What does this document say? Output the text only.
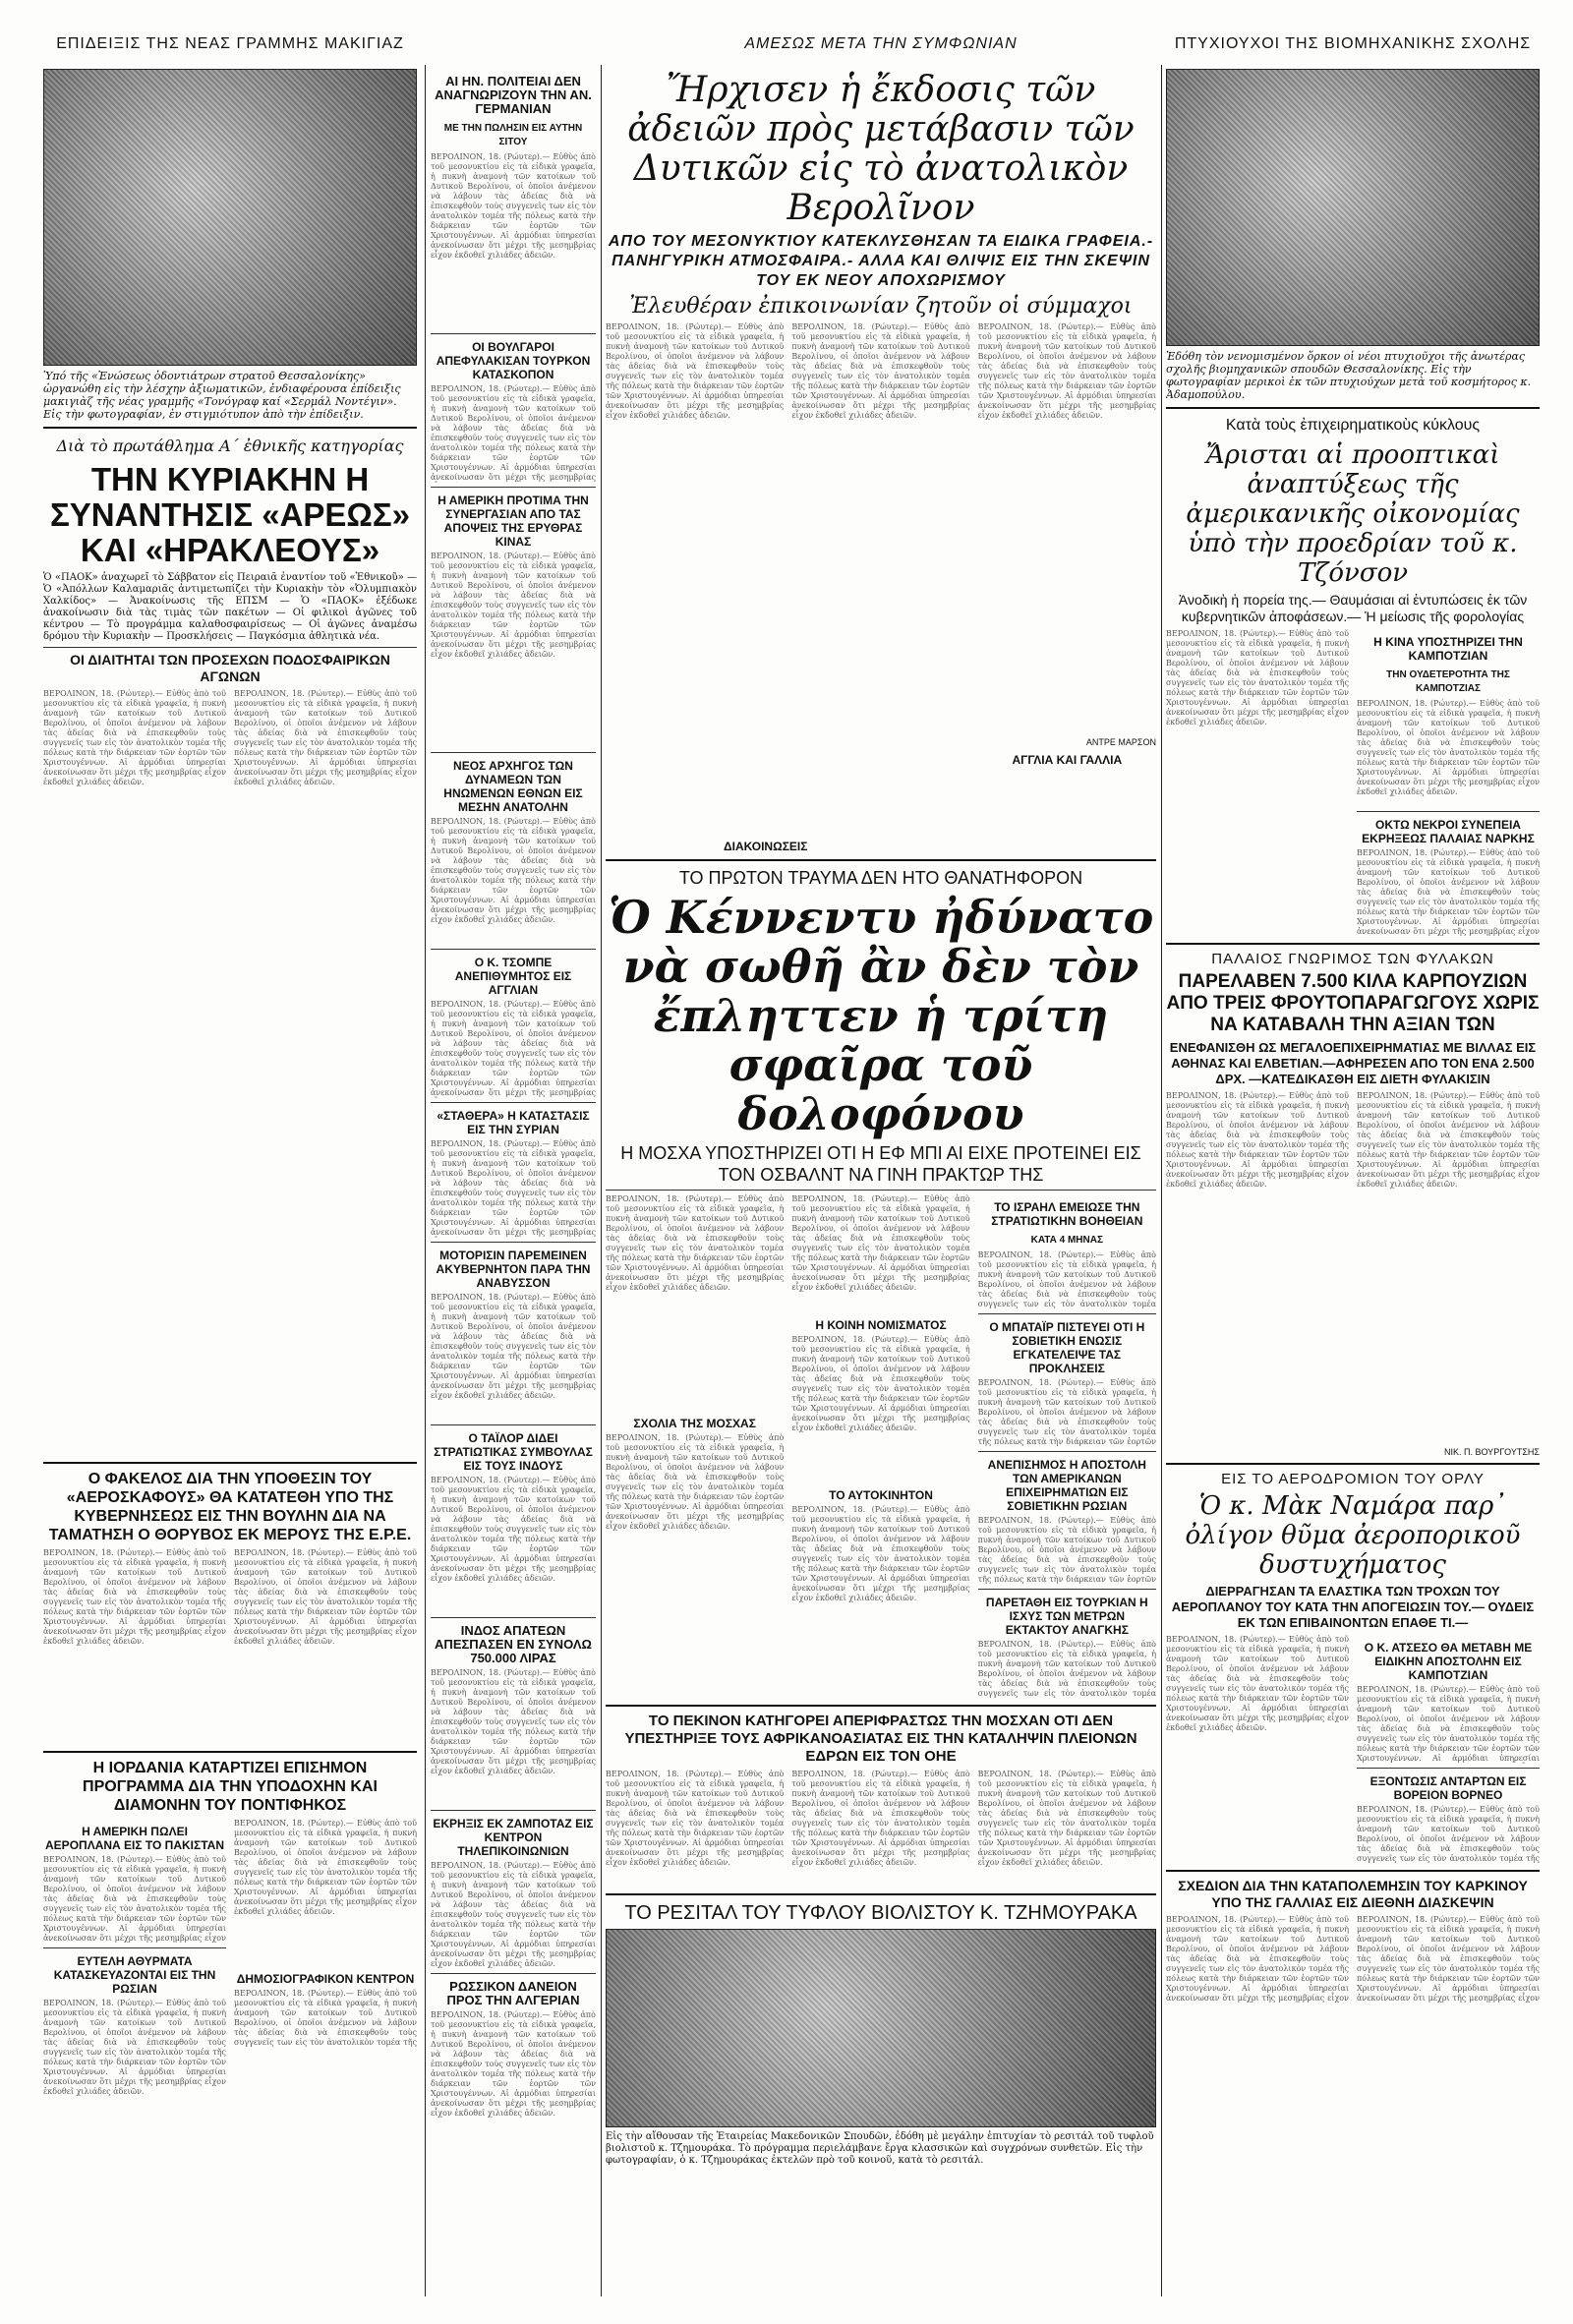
ΕΠΙΔΕΙΞΙΣ ΤΗΣ ΝΕΑΣ ΓΡΑΜΜΗΣ ΜΑΚΙΓΙΑΖ	ΑΜΕΣΩΣ ΜΕΤΑ ΤΗΝ ΣΥΜΦΩΝΙΑΝ	ΠΤΥΧΙΟΥΧΟΙ ΤΗΣ ΒΙΟΜΗΧΑΝΙΚΗΣ ΣΧΟΛΗΣ
Ὑπό τῆς «Ἑνώσεως ὁδοντιάτρων στρατοῦ Θεσσαλονίκης» ὠργανώθη εἰς τὴν λέσχην ἀξιωματικῶν, ἐνδιαφέρουσα ἐπίδειξις μακιγιὰζ τῆς νέας γραμμῆς «Τονόγραφ καί «Σερμάλ Νοντέγιν». Εἰς τὴν φωτογραφίαν, ἐν στιγμιότυπον ἀπὸ τὴν ἐπίδειξιν.
Διὰ τὸ πρωτάθλημα Α΄ ἐθνικῆς κατηγορίας
ΤΗΝ ΚΥΡΙΑΚΗΝ Η ΣΥΝΑΝΤΗΣΙΣ «ΑΡΕΩΣ» ΚΑΙ «ΗΡΑΚΛΕΟΥΣ»
Ὁ «ΠΑΟΚ» ἀναχωρεῖ τὸ Σάββατον εἰς Πειραιᾶ ἐναντίον τοῦ «Ἐθνικοῦ» — Ὁ «Ἀπόλλων Καλαμαριᾶς ἀντιμετωπίζει τὴν Κυριακὴν τὸν «Ὀλυμπιακὸν Χαλκίδος» — Ἀνακοίνωσις τῆς ΕΠΣΜ — Ὁ «ΠΑΟΚ» ἐξέδωκε ἀνακοίνωσιν διὰ τὰς τιμὰς τῶν πακέτων — Οἱ φιλικοὶ ἀγῶνες τοῦ κέντρου — Τὸ προγράμμα καλαθοσφαιρίσεως — Οἱ ἀγῶνες ἀναμέσω δρόμου τὴν Κυριακὴν — Προσκλήσεις — Παγκόσμια ἀθλητικὰ νέα.
ΟΙ ΔΙΑΙΤΗΤΑΙ ΤΩΝ ΠΡΟΣΕΧΩΝ ΠΟΔΟΣΦΑΙΡΙΚΩΝ ΑΓΩΝΩΝ
ΒΕΡΟΛΙΝΟΝ, 18. (Ρώυτερ).— Εὐθὺς ἀπὸ τοῦ μεσονυκτίου εἰς τὰ εἰδικὰ γραφεῖα, ἡ πυκνὴ ἀναμονὴ τῶν κατοίκων τοῦ Δυτικοῦ Βερολίνου, οἱ ὁποῖοι ἀνέμενον νὰ λάβουν τὰς ἀδείας διὰ νὰ ἐπισκεφθοῦν τοὺς συγγενεῖς των εἰς τὸν ἀνατολικὸν τομέα τῆς πόλεως κατὰ τὴν διάρκειαν τῶν ἑορτῶν τῶν Χριστουγέννων. Αἱ ἀρμόδιαι ὑπηρεσίαι ἀνεκοίνωσαν ὅτι μέχρι τῆς μεσημβρίας εἶχον ἐκδοθεῖ χιλιάδες ἀδειῶν.
ΒΕΡΟΛΙΝΟΝ, 18. (Ρώυτερ).— Εὐθὺς ἀπὸ τοῦ μεσονυκτίου εἰς τὰ εἰδικὰ γραφεῖα, ἡ πυκνὴ ἀναμονὴ τῶν κατοίκων τοῦ Δυτικοῦ Βερολίνου, οἱ ὁποῖοι ἀνέμενον νὰ λάβουν τὰς ἀδείας διὰ νὰ ἐπισκεφθοῦν τοὺς συγγενεῖς των εἰς τὸν ἀνατολικὸν τομέα τῆς πόλεως κατὰ τὴν διάρκειαν τῶν ἑορτῶν τῶν Χριστουγέννων. Αἱ ἀρμόδιαι ὑπηρεσίαι ἀνεκοίνωσαν ὅτι μέχρι τῆς μεσημβρίας εἶχον ἐκδοθεῖ χιλιάδες ἀδειῶν.
Ο ΦΑΚΕΛΟΣ ΔΙΑ ΤΗΝ ΥΠΟΘΕΣΙΝ ΤΟΥ «ΑΕΡΟΣΚΑΦΟΥΣ» ΘΑ ΚΑΤΑΤΕΘΗ ΥΠΟ ΤΗΣ ΚΥΒΕΡΝΗΣΕΩΣ ΕΙΣ ΤΗΝ ΒΟΥΛΗΝ ΔΙΑ ΝΑ ΤΑΜΑΤΗΣΗ Ο ΘΟΡΥΒΟΣ ΕΚ ΜΕΡΟΥΣ ΤΗΣ Ε.Ρ.Ε.
ΒΕΡΟΛΙΝΟΝ, 18. (Ρώυτερ).— Εὐθὺς ἀπὸ τοῦ μεσονυκτίου εἰς τὰ εἰδικὰ γραφεῖα, ἡ πυκνὴ ἀναμονὴ τῶν κατοίκων τοῦ Δυτικοῦ Βερολίνου, οἱ ὁποῖοι ἀνέμενον νὰ λάβουν τὰς ἀδείας διὰ νὰ ἐπισκεφθοῦν τοὺς συγγενεῖς των εἰς τὸν ἀνατολικὸν τομέα τῆς πόλεως κατὰ τὴν διάρκειαν τῶν ἑορτῶν τῶν Χριστουγέννων. Αἱ ἀρμόδιαι ὑπηρεσίαι ἀνεκοίνωσαν ὅτι μέχρι τῆς μεσημβρίας εἶχον ἐκδοθεῖ χιλιάδες ἀδειῶν.
ΒΕΡΟΛΙΝΟΝ, 18. (Ρώυτερ).— Εὐθὺς ἀπὸ τοῦ μεσονυκτίου εἰς τὰ εἰδικὰ γραφεῖα, ἡ πυκνὴ ἀναμονὴ τῶν κατοίκων τοῦ Δυτικοῦ Βερολίνου, οἱ ὁποῖοι ἀνέμενον νὰ λάβουν τὰς ἀδείας διὰ νὰ ἐπισκεφθοῦν τοὺς συγγενεῖς των εἰς τὸν ἀνατολικὸν τομέα τῆς πόλεως κατὰ τὴν διάρκειαν τῶν ἑορτῶν τῶν Χριστουγέννων. Αἱ ἀρμόδιαι ὑπηρεσίαι ἀνεκοίνωσαν ὅτι μέχρι τῆς μεσημβρίας εἶχον ἐκδοθεῖ χιλιάδες ἀδειῶν.
Η ΙΟΡΔΑΝΙΑ ΚΑΤΑΡΤΙΖΕΙ ΕΠΙΣΗΜΟΝ ΠΡΟΓΡΑΜΜΑ ΔΙΑ ΤΗΝ ΥΠΟΔΟΧΗΝ ΚΑΙ ΔΙΑΜΟΝΗΝ ΤΟΥ ΠΟΝΤΙΦΗΚΟΣ
Η ΑΜΕΡΙΚΗ ΠΩΛΕΙ ΑΕΡΟΠΛΑΝΑ ΕΙΣ ΤΟ ΠΑΚΙΣΤΑΝ
ΒΕΡΟΛΙΝΟΝ, 18. (Ρώυτερ).— Εὐθὺς ἀπὸ τοῦ μεσονυκτίου εἰς τὰ εἰδικὰ γραφεῖα, ἡ πυκνὴ ἀναμονὴ τῶν κατοίκων τοῦ Δυτικοῦ Βερολίνου, οἱ ὁποῖοι ἀνέμενον νὰ λάβουν τὰς ἀδείας διὰ νὰ ἐπισκεφθοῦν τοὺς συγγενεῖς των εἰς τὸν ἀνατολικὸν τομέα τῆς πόλεως κατὰ τὴν διάρκειαν τῶν ἑορτῶν τῶν Χριστουγέννων. Αἱ ἀρμόδιαι ὑπηρεσίαι ἀνεκοίνωσαν ὅτι μέχρι τῆς μεσημβρίας εἶχον
ΕΥΤΕΛΗ ΑΘΥΡΜΑΤΑ ΚΑΤΑΣΚΕΥΑΖΟΝΤΑΙ ΕΙΣ ΤΗΝ ΡΩΣΙΑΝ
ΒΕΡΟΛΙΝΟΝ, 18. (Ρώυτερ).— Εὐθὺς ἀπὸ τοῦ μεσονυκτίου εἰς τὰ εἰδικὰ γραφεῖα, ἡ πυκνὴ ἀναμονὴ τῶν κατοίκων τοῦ Δυτικοῦ Βερολίνου, οἱ ὁποῖοι ἀνέμενον νὰ λάβουν τὰς ἀδείας διὰ νὰ ἐπισκεφθοῦν τοὺς συγγενεῖς των εἰς τὸν ἀνατολικὸν τομέα τῆς πόλεως κατὰ τὴν διάρκειαν τῶν ἑορτῶν τῶν Χριστουγέννων. Αἱ ἀρμόδιαι ὑπηρεσίαι ἀνεκοίνωσαν ὅτι μέχρι τῆς μεσημβρίας εἶχον ἐκδοθεῖ χιλιάδες ἀδειῶν.
ΒΕΡΟΛΙΝΟΝ, 18. (Ρώυτερ).— Εὐθὺς ἀπὸ τοῦ μεσονυκτίου εἰς τὰ εἰδικὰ γραφεῖα, ἡ πυκνὴ ἀναμονὴ τῶν κατοίκων τοῦ Δυτικοῦ Βερολίνου, οἱ ὁποῖοι ἀνέμενον νὰ λάβουν τὰς ἀδείας διὰ νὰ ἐπισκεφθοῦν τοὺς συγγενεῖς των εἰς τὸν ἀνατολικὸν τομέα τῆς πόλεως κατὰ τὴν διάρκειαν τῶν ἑορτῶν τῶν Χριστουγέννων. Αἱ ἀρμόδιαι ὑπηρεσίαι ἀνεκοίνωσαν ὅτι μέχρι τῆς μεσημβρίας εἶχον ἐκδοθεῖ χιλιάδες ἀδειῶν.
ΔΗΜΟΣΙΟΓΡΑΦΙΚΟΝ ΚΕΝΤΡΟΝ
ΒΕΡΟΛΙΝΟΝ, 18. (Ρώυτερ).— Εὐθὺς ἀπὸ τοῦ μεσονυκτίου εἰς τὰ εἰδικὰ γραφεῖα, ἡ πυκνὴ ἀναμονὴ τῶν κατοίκων τοῦ Δυτικοῦ Βερολίνου, οἱ ὁποῖοι ἀνέμενον νὰ λάβουν τὰς ἀδείας διὰ νὰ ἐπισκεφθοῦν τοὺς συγγενεῖς των εἰς τὸν ἀνατολικὸν τομέα τῆς
ΑΙ ΗΝ. ΠΟΛΙΤΕΙΑΙ ΔΕΝ ΑΝΑΓΝΩΡΙΖΟΥΝ ΤΗΝ ΑΝ. ΓΕΡΜΑΝΙΑΝ
ΜΕ ΤΗΝ ΠΩΛΗΣΙΝ ΕΙΣ ΑΥΤΗΝ ΣΙΤΟΥ
ΒΕΡΟΛΙΝΟΝ, 18. (Ρώυτερ).— Εὐθὺς ἀπὸ τοῦ μεσονυκτίου εἰς τὰ εἰδικὰ γραφεῖα, ἡ πυκνὴ ἀναμονὴ τῶν κατοίκων τοῦ Δυτικοῦ Βερολίνου, οἱ ὁποῖοι ἀνέμενον νὰ λάβουν τὰς ἀδείας διὰ νὰ ἐπισκεφθοῦν τοὺς συγγενεῖς των εἰς τὸν ἀνατολικὸν τομέα τῆς πόλεως κατὰ τὴν διάρκειαν τῶν ἑορτῶν τῶν Χριστουγέννων. Αἱ ἀρμόδιαι ὑπηρεσίαι ἀνεκοίνωσαν ὅτι μέχρι τῆς μεσημβρίας εἶχον ἐκδοθεῖ χιλιάδες ἀδειῶν.
ΟΙ ΒΟΥΛΓΑΡΟΙ ΑΠΕΦΥΛΑΚΙΣΑΝ ΤΟΥΡΚΟΝ ΚΑΤΑΣΚΟΠΟΝ
ΒΕΡΟΛΙΝΟΝ, 18. (Ρώυτερ).— Εὐθὺς ἀπὸ τοῦ μεσονυκτίου εἰς τὰ εἰδικὰ γραφεῖα, ἡ πυκνὴ ἀναμονὴ τῶν κατοίκων τοῦ Δυτικοῦ Βερολίνου, οἱ ὁποῖοι ἀνέμενον νὰ λάβουν τὰς ἀδείας διὰ νὰ ἐπισκεφθοῦν τοὺς συγγενεῖς των εἰς τὸν ἀνατολικὸν τομέα τῆς πόλεως κατὰ τὴν διάρκειαν τῶν ἑορτῶν τῶν Χριστουγέννων. Αἱ ἀρμόδιαι ὑπηρεσίαι ἀνεκοίνωσαν ὅτι μέχρι τῆς μεσημβρίας
Η ΑΜΕΡΙΚΗ ΠΡΟΤΙΜΑ ΤΗΝ ΣΥΝΕΡΓΑΣΙΑΝ ΑΠΟ ΤΑΣ ΑΠΟΨΕΙΣ ΤΗΣ ΕΡΥΘΡΑΣ ΚΙΝΑΣ
ΒΕΡΟΛΙΝΟΝ, 18. (Ρώυτερ).— Εὐθὺς ἀπὸ τοῦ μεσονυκτίου εἰς τὰ εἰδικὰ γραφεῖα, ἡ πυκνὴ ἀναμονὴ τῶν κατοίκων τοῦ Δυτικοῦ Βερολίνου, οἱ ὁποῖοι ἀνέμενον νὰ λάβουν τὰς ἀδείας διὰ νὰ ἐπισκεφθοῦν τοὺς συγγενεῖς των εἰς τὸν ἀνατολικὸν τομέα τῆς πόλεως κατὰ τὴν διάρκειαν τῶν ἑορτῶν τῶν Χριστουγέννων. Αἱ ἀρμόδιαι ὑπηρεσίαι ἀνεκοίνωσαν ὅτι μέχρι τῆς μεσημβρίας εἶχον ἐκδοθεῖ χιλιάδες ἀδειῶν.
ΝΕΟΣ ΑΡΧΗΓΟΣ ΤΩΝ ΔΥΝΑΜΕΩΝ ΤΩΝ ΗΝΩΜΕΝΩΝ ΕΘΝΩΝ ΕΙΣ ΜΕΣΗΝ ΑΝΑΤΟΛΗΝ
ΒΕΡΟΛΙΝΟΝ, 18. (Ρώυτερ).— Εὐθὺς ἀπὸ τοῦ μεσονυκτίου εἰς τὰ εἰδικὰ γραφεῖα, ἡ πυκνὴ ἀναμονὴ τῶν κατοίκων τοῦ Δυτικοῦ Βερολίνου, οἱ ὁποῖοι ἀνέμενον νὰ λάβουν τὰς ἀδείας διὰ νὰ ἐπισκεφθοῦν τοὺς συγγενεῖς των εἰς τὸν ἀνατολικὸν τομέα τῆς πόλεως κατὰ τὴν διάρκειαν τῶν ἑορτῶν τῶν Χριστουγέννων. Αἱ ἀρμόδιαι ὑπηρεσίαι ἀνεκοίνωσαν ὅτι μέχρι τῆς μεσημβρίας εἶχον ἐκδοθεῖ χιλιάδες ἀδειῶν.
Ο Κ. ΤΣΟΜΠΕ ΑΝΕΠΙΘΥΜΗΤΟΣ ΕΙΣ ΑΓΓΛΙΑΝ
ΒΕΡΟΛΙΝΟΝ, 18. (Ρώυτερ).— Εὐθὺς ἀπὸ τοῦ μεσονυκτίου εἰς τὰ εἰδικὰ γραφεῖα, ἡ πυκνὴ ἀναμονὴ τῶν κατοίκων τοῦ Δυτικοῦ Βερολίνου, οἱ ὁποῖοι ἀνέμενον νὰ λάβουν τὰς ἀδείας διὰ νὰ ἐπισκεφθοῦν τοὺς συγγενεῖς των εἰς τὸν ἀνατολικὸν τομέα τῆς πόλεως κατὰ τὴν διάρκειαν τῶν ἑορτῶν τῶν Χριστουγέννων. Αἱ ἀρμόδιαι ὑπηρεσίαι ἀνεκοίνωσαν ὅτι μέχρι τῆς μεσημβρίας
«ΣΤΑΘΕΡΑ» Η ΚΑΤΑΣΤΑΣΙΣ ΕΙΣ ΤΗΝ ΣΥΡΙΑΝ
ΒΕΡΟΛΙΝΟΝ, 18. (Ρώυτερ).— Εὐθὺς ἀπὸ τοῦ μεσονυκτίου εἰς τὰ εἰδικὰ γραφεῖα, ἡ πυκνὴ ἀναμονὴ τῶν κατοίκων τοῦ Δυτικοῦ Βερολίνου, οἱ ὁποῖοι ἀνέμενον νὰ λάβουν τὰς ἀδείας διὰ νὰ ἐπισκεφθοῦν τοὺς συγγενεῖς των εἰς τὸν ἀνατολικὸν τομέα τῆς πόλεως κατὰ τὴν διάρκειαν τῶν ἑορτῶν τῶν Χριστουγέννων. Αἱ ἀρμόδιαι ὑπηρεσίαι ἀνεκοίνωσαν ὅτι μέχρι τῆς μεσημβρίας
ΜΟΤΟΡΙΣΙΝ ΠΑΡΕΜΕΙΝΕΝ ΑΚΥΒΕΡΝΗΤΟΝ ΠΑΡΑ ΤΗΝ ΑΝΑΒΥΣΣΟΝ
ΒΕΡΟΛΙΝΟΝ, 18. (Ρώυτερ).— Εὐθὺς ἀπὸ τοῦ μεσονυκτίου εἰς τὰ εἰδικὰ γραφεῖα, ἡ πυκνὴ ἀναμονὴ τῶν κατοίκων τοῦ Δυτικοῦ Βερολίνου, οἱ ὁποῖοι ἀνέμενον νὰ λάβουν τὰς ἀδείας διὰ νὰ ἐπισκεφθοῦν τοὺς συγγενεῖς των εἰς τὸν ἀνατολικὸν τομέα τῆς πόλεως κατὰ τὴν διάρκειαν τῶν ἑορτῶν τῶν Χριστουγέννων. Αἱ ἀρμόδιαι ὑπηρεσίαι ἀνεκοίνωσαν ὅτι μέχρι τῆς μεσημβρίας εἶχον ἐκδοθεῖ χιλιάδες ἀδειῶν.
Ο ΤΑΪΛΟΡ ΔΙΔΕΙ ΣΤΡΑΤΙΩΤΙΚΑΣ ΣΥΜΒΟΥΛΑΣ ΕΙΣ ΤΟΥΣ ΙΝΔΟΥΣ
ΒΕΡΟΛΙΝΟΝ, 18. (Ρώυτερ).— Εὐθὺς ἀπὸ τοῦ μεσονυκτίου εἰς τὰ εἰδικὰ γραφεῖα, ἡ πυκνὴ ἀναμονὴ τῶν κατοίκων τοῦ Δυτικοῦ Βερολίνου, οἱ ὁποῖοι ἀνέμενον νὰ λάβουν τὰς ἀδείας διὰ νὰ ἐπισκεφθοῦν τοὺς συγγενεῖς των εἰς τὸν ἀνατολικὸν τομέα τῆς πόλεως κατὰ τὴν διάρκειαν τῶν ἑορτῶν τῶν Χριστουγέννων. Αἱ ἀρμόδιαι ὑπηρεσίαι ἀνεκοίνωσαν ὅτι μέχρι τῆς μεσημβρίας εἶχον ἐκδοθεῖ χιλιάδες ἀδειῶν.
ΙΝΔΟΣ ΑΠΑΤΕΩΝ ΑΠΕΣΠΑΣΕΝ ΕΝ ΣΥΝΟΛΩ 750.000 ΛΙΡΑΣ
ΒΕΡΟΛΙΝΟΝ, 18. (Ρώυτερ).— Εὐθὺς ἀπὸ τοῦ μεσονυκτίου εἰς τὰ εἰδικὰ γραφεῖα, ἡ πυκνὴ ἀναμονὴ τῶν κατοίκων τοῦ Δυτικοῦ Βερολίνου, οἱ ὁποῖοι ἀνέμενον νὰ λάβουν τὰς ἀδείας διὰ νὰ ἐπισκεφθοῦν τοὺς συγγενεῖς των εἰς τὸν ἀνατολικὸν τομέα τῆς πόλεως κατὰ τὴν διάρκειαν τῶν ἑορτῶν τῶν Χριστουγέννων. Αἱ ἀρμόδιαι ὑπηρεσίαι ἀνεκοίνωσαν ὅτι μέχρι τῆς μεσημβρίας εἶχον ἐκδοθεῖ χιλιάδες ἀδειῶν.
ΕΚΡΗΞΙΣ ΕΚ ΖΑΜΠΟΤΑΖ ΕΙΣ ΚΕΝΤΡΟΝ ΤΗΛΕΠΙΚΟΙΝΩΝΙΩΝ
ΒΕΡΟΛΙΝΟΝ, 18. (Ρώυτερ).— Εὐθὺς ἀπὸ τοῦ μεσονυκτίου εἰς τὰ εἰδικὰ γραφεῖα, ἡ πυκνὴ ἀναμονὴ τῶν κατοίκων τοῦ Δυτικοῦ Βερολίνου, οἱ ὁποῖοι ἀνέμενον νὰ λάβουν τὰς ἀδείας διὰ νὰ ἐπισκεφθοῦν τοὺς συγγενεῖς των εἰς τὸν ἀνατολικὸν τομέα τῆς πόλεως κατὰ τὴν διάρκειαν τῶν ἑορτῶν τῶν Χριστουγέννων. Αἱ ἀρμόδιαι ὑπηρεσίαι ἀνεκοίνωσαν ὅτι μέχρι τῆς μεσημβρίας εἶχον ἐκδοθεῖ χιλιάδες ἀδειῶν.
ΡΩΣΣΙΚΟΝ ΔΑΝΕΙΟΝ ΠΡΟΣ ΤΗΝ ΑΛΓΕΡΙΑΝ
ΒΕΡΟΛΙΝΟΝ, 18. (Ρώυτερ).— Εὐθὺς ἀπὸ τοῦ μεσονυκτίου εἰς τὰ εἰδικὰ γραφεῖα, ἡ πυκνὴ ἀναμονὴ τῶν κατοίκων τοῦ Δυτικοῦ Βερολίνου, οἱ ὁποῖοι ἀνέμενον νὰ λάβουν τὰς ἀδείας διὰ νὰ ἐπισκεφθοῦν τοὺς συγγενεῖς των εἰς τὸν ἀνατολικὸν τομέα τῆς πόλεως κατὰ τὴν διάρκειαν τῶν ἑορτῶν τῶν Χριστουγέννων. Αἱ ἀρμόδιαι ὑπηρεσίαι ἀνεκοίνωσαν ὅτι μέχρι τῆς μεσημβρίας εἶχον ἐκδοθεῖ χιλιάδες ἀδειῶν.
Ἤρχισεν ἡ ἔκδοσις τῶν ἀδειῶν πρὸς μετάβασιν τῶν Δυτικῶν εἰς τὸ ἀνατολικὸν Βερολῖνον
ΑΠΟ ΤΟΥ ΜΕΣΟΝΥΚΤΙΟΥ ΚΑΤΕΚΛΥΣΘΗΣΑΝ ΤΑ ΕΙΔΙΚΑ ΓΡΑΦΕΙΑ.- ΠΑΝΗΓΥΡΙΚΗ ΑΤΜΟΣΦΑΙΡΑ.- ΑΛΛΑ ΚΑΙ ΘΛΙΨΙΣ ΕΙΣ ΤΗΝ ΣΚΕΨΙΝ ΤΟΥ ΕΚ ΝΕΟΥ ΑΠΟΧΩΡΙΣΜΟΥ
Ἐλευθέραν ἐπικοινωνίαν ζητοῦν οἱ σύμμαχοι
ΒΕΡΟΛΙΝΟΝ, 18. (Ρώυτερ).— Εὐθὺς ἀπὸ τοῦ μεσονυκτίου εἰς τὰ εἰδικὰ γραφεῖα, ἡ πυκνὴ ἀναμονὴ τῶν κατοίκων τοῦ Δυτικοῦ Βερολίνου, οἱ ὁποῖοι ἀνέμενον νὰ λάβουν τὰς ἀδείας διὰ νὰ ἐπισκεφθοῦν τοὺς συγγενεῖς των εἰς τὸν ἀνατολικὸν τομέα τῆς πόλεως κατὰ τὴν διάρκειαν τῶν ἑορτῶν τῶν Χριστουγέννων. Αἱ ἀρμόδιαι ὑπηρεσίαι ἀνεκοίνωσαν ὅτι μέχρι τῆς μεσημβρίας εἶχον ἐκδοθεῖ χιλιάδες ἀδειῶν.
ΒΕΡΟΛΙΝΟΝ, 18. (Ρώυτερ).— Εὐθὺς ἀπὸ τοῦ μεσονυκτίου εἰς τὰ εἰδικὰ γραφεῖα, ἡ πυκνὴ ἀναμονὴ τῶν κατοίκων τοῦ Δυτικοῦ Βερολίνου, οἱ ὁποῖοι ἀνέμενον νὰ λάβουν τὰς ἀδείας διὰ νὰ ἐπισκεφθοῦν τοὺς συγγενεῖς των εἰς τὸν ἀνατολικὸν τομέα τῆς πόλεως κατὰ τὴν διάρκειαν τῶν ἑορτῶν τῶν Χριστουγέννων. Αἱ ἀρμόδιαι ὑπηρεσίαι ἀνεκοίνωσαν ὅτι μέχρι τῆς μεσημβρίας εἶχον ἐκδοθεῖ χιλιάδες ἀδειῶν.
ΒΕΡΟΛΙΝΟΝ, 18. (Ρώυτερ).— Εὐθὺς ἀπὸ τοῦ μεσονυκτίου εἰς τὰ εἰδικὰ γραφεῖα, ἡ πυκνὴ ἀναμονὴ τῶν κατοίκων τοῦ Δυτικοῦ Βερολίνου, οἱ ὁποῖοι ἀνέμενον νὰ λάβουν τὰς ἀδείας διὰ νὰ ἐπισκεφθοῦν τοὺς συγγενεῖς των εἰς τὸν ἀνατολικὸν τομέα τῆς πόλεως κατὰ τὴν διάρκειαν τῶν ἑορτῶν τῶν Χριστουγέννων. Αἱ ἀρμόδιαι ὑπηρεσίαι ἀνεκοίνωσαν ὅτι μέχρι τῆς μεσημβρίας εἶχον ἐκδοθεῖ χιλιάδες ἀδειῶν.
ΑΝΤΡΕ ΜΑΡΣΟΝ
ΑΓΓΛΙΑ ΚΑΙ ΓΑΛΛΙΑ
ΔΙΑΚΟΙΝΩΣΕΙΣ
ΤΟ ΠΡΩΤΟΝ ΤΡΑΥΜΑ ΔΕΝ ΗΤΟ ΘΑΝΑΤΗΦΟΡΟΝ
Ὁ Κέννεντυ ἠδύνατο νὰ σωθῆ ἂν δὲν τὸν ἔπληττεν ἡ τρίτη σφαῖρα τοῦ δολοφόνου
Η ΜΟΣΧΑ ΥΠΟΣΤΗΡΙΖΕΙ ΟΤΙ Η ΕΦ ΜΠΙ ΑΙ ΕΙΧΕ ΠΡΟΤΕΙΝΕΙ ΕΙΣ ΤΟΝ ΟΣΒΑΛΝΤ ΝΑ ΓΙΝΗ ΠΡΑΚΤΩΡ ΤΗΣ
ΒΕΡΟΛΙΝΟΝ, 18. (Ρώυτερ).— Εὐθὺς ἀπὸ τοῦ μεσονυκτίου εἰς τὰ εἰδικὰ γραφεῖα, ἡ πυκνὴ ἀναμονὴ τῶν κατοίκων τοῦ Δυτικοῦ Βερολίνου, οἱ ὁποῖοι ἀνέμενον νὰ λάβουν τὰς ἀδείας διὰ νὰ ἐπισκεφθοῦν τοὺς συγγενεῖς των εἰς τὸν ἀνατολικὸν τομέα τῆς πόλεως κατὰ τὴν διάρκειαν τῶν ἑορτῶν τῶν Χριστουγέννων. Αἱ ἀρμόδιαι ὑπηρεσίαι ἀνεκοίνωσαν ὅτι μέχρι τῆς μεσημβρίας εἶχον ἐκδοθεῖ χιλιάδες ἀδειῶν.
ΣΧΟΛΙΑ ΤΗΣ ΜΟΣΧΑΣ
ΒΕΡΟΛΙΝΟΝ, 18. (Ρώυτερ).— Εὐθὺς ἀπὸ τοῦ μεσονυκτίου εἰς τὰ εἰδικὰ γραφεῖα, ἡ πυκνὴ ἀναμονὴ τῶν κατοίκων τοῦ Δυτικοῦ Βερολίνου, οἱ ὁποῖοι ἀνέμενον νὰ λάβουν τὰς ἀδείας διὰ νὰ ἐπισκεφθοῦν τοὺς συγγενεῖς των εἰς τὸν ἀνατολικὸν τομέα τῆς πόλεως κατὰ τὴν διάρκειαν τῶν ἑορτῶν τῶν Χριστουγέννων. Αἱ ἀρμόδιαι ὑπηρεσίαι ἀνεκοίνωσαν ὅτι μέχρι τῆς μεσημβρίας εἶχον ἐκδοθεῖ χιλιάδες ἀδειῶν.
ΒΕΡΟΛΙΝΟΝ, 18. (Ρώυτερ).— Εὐθὺς ἀπὸ τοῦ μεσονυκτίου εἰς τὰ εἰδικὰ γραφεῖα, ἡ πυκνὴ ἀναμονὴ τῶν κατοίκων τοῦ Δυτικοῦ Βερολίνου, οἱ ὁποῖοι ἀνέμενον νὰ λάβουν τὰς ἀδείας διὰ νὰ ἐπισκεφθοῦν τοὺς συγγενεῖς των εἰς τὸν ἀνατολικὸν τομέα τῆς πόλεως κατὰ τὴν διάρκειαν τῶν ἑορτῶν τῶν Χριστουγέννων. Αἱ ἀρμόδιαι ὑπηρεσίαι ἀνεκοίνωσαν ὅτι μέχρι τῆς μεσημβρίας εἶχον ἐκδοθεῖ χιλιάδες ἀδειῶν.
Η ΚΟΙΝΗ ΝΟΜΙΣΜΑΤΟΣ
ΒΕΡΟΛΙΝΟΝ, 18. (Ρώυτερ).— Εὐθὺς ἀπὸ τοῦ μεσονυκτίου εἰς τὰ εἰδικὰ γραφεῖα, ἡ πυκνὴ ἀναμονὴ τῶν κατοίκων τοῦ Δυτικοῦ Βερολίνου, οἱ ὁποῖοι ἀνέμενον νὰ λάβουν τὰς ἀδείας διὰ νὰ ἐπισκεφθοῦν τοὺς συγγενεῖς των εἰς τὸν ἀνατολικὸν τομέα τῆς πόλεως κατὰ τὴν διάρκειαν τῶν ἑορτῶν τῶν Χριστουγέννων. Αἱ ἀρμόδιαι ὑπηρεσίαι ἀνεκοίνωσαν ὅτι μέχρι τῆς μεσημβρίας εἶχον ἐκδοθεῖ χιλιάδες ἀδειῶν.
ΤΟ ΑΥΤΟΚΙΝΗΤΟΝ
ΒΕΡΟΛΙΝΟΝ, 18. (Ρώυτερ).— Εὐθὺς ἀπὸ τοῦ μεσονυκτίου εἰς τὰ εἰδικὰ γραφεῖα, ἡ πυκνὴ ἀναμονὴ τῶν κατοίκων τοῦ Δυτικοῦ Βερολίνου, οἱ ὁποῖοι ἀνέμενον νὰ λάβουν τὰς ἀδείας διὰ νὰ ἐπισκεφθοῦν τοὺς συγγενεῖς των εἰς τὸν ἀνατολικὸν τομέα τῆς πόλεως κατὰ τὴν διάρκειαν τῶν ἑορτῶν τῶν Χριστουγέννων. Αἱ ἀρμόδιαι ὑπηρεσίαι ἀνεκοίνωσαν ὅτι μέχρι τῆς μεσημβρίας εἶχον ἐκδοθεῖ χιλιάδες ἀδειῶν.
ΤΟ ΙΣΡΑΗΛ ΕΜΕΙΩΣΕ ΤΗΝ ΣΤΡΑΤΙΩΤΙΚΗΝ ΒΟΗΘΕΙΑΝ
ΚΑΤΑ 4 ΜΗΝΑΣ
ΒΕΡΟΛΙΝΟΝ, 18. (Ρώυτερ).— Εὐθὺς ἀπὸ τοῦ μεσονυκτίου εἰς τὰ εἰδικὰ γραφεῖα, ἡ πυκνὴ ἀναμονὴ τῶν κατοίκων τοῦ Δυτικοῦ Βερολίνου, οἱ ὁποῖοι ἀνέμενον νὰ λάβουν τὰς ἀδείας διὰ νὰ ἐπισκεφθοῦν τοὺς συγγενεῖς των εἰς τὸν ἀνατολικὸν τομέα
Ο ΜΠΑΤΑΪΡ ΠΙΣΤΕΥΕΙ ΟΤΙ Η ΣΟΒΙΕΤΙΚΗ ΕΝΩΣΙΣ ΕΓΚΑΤΕΛΕΙΨΕ ΤΑΣ ΠΡΟΚΛΗΣΕΙΣ
ΒΕΡΟΛΙΝΟΝ, 18. (Ρώυτερ).— Εὐθὺς ἀπὸ τοῦ μεσονυκτίου εἰς τὰ εἰδικὰ γραφεῖα, ἡ πυκνὴ ἀναμονὴ τῶν κατοίκων τοῦ Δυτικοῦ Βερολίνου, οἱ ὁποῖοι ἀνέμενον νὰ λάβουν τὰς ἀδείας διὰ νὰ ἐπισκεφθοῦν τοὺς συγγενεῖς των εἰς τὸν ἀνατολικὸν τομέα τῆς πόλεως κατὰ τὴν διάρκειαν τῶν ἑορτῶν
ΑΝΕΠΙΣΗΜΟΣ Η ΑΠΟΣΤΟΛΗ ΤΩΝ ΑΜΕΡΙΚΑΝΩΝ ΕΠΙΧΕΙΡΗΜΑΤΙΩΝ ΕΙΣ ΣΟΒΙΕΤΙΚΗΝ ΡΩΣΙΑΝ
ΒΕΡΟΛΙΝΟΝ, 18. (Ρώυτερ).— Εὐθὺς ἀπὸ τοῦ μεσονυκτίου εἰς τὰ εἰδικὰ γραφεῖα, ἡ πυκνὴ ἀναμονὴ τῶν κατοίκων τοῦ Δυτικοῦ Βερολίνου, οἱ ὁποῖοι ἀνέμενον νὰ λάβουν τὰς ἀδείας διὰ νὰ ἐπισκεφθοῦν τοὺς συγγενεῖς των εἰς τὸν ἀνατολικὸν τομέα τῆς πόλεως κατὰ τὴν διάρκειαν τῶν ἑορτῶν
ΠΑΡΕΤΑΘΗ ΕΙΣ ΤΟΥΡΚΙΑΝ Η ΙΣΧΥΣ ΤΩΝ ΜΕΤΡΩΝ ΕΚΤΑΚΤΟΥ ΑΝΑΓΚΗΣ
ΒΕΡΟΛΙΝΟΝ, 18. (Ρώυτερ).— Εὐθὺς ἀπὸ τοῦ μεσονυκτίου εἰς τὰ εἰδικὰ γραφεῖα, ἡ πυκνὴ ἀναμονὴ τῶν κατοίκων τοῦ Δυτικοῦ Βερολίνου, οἱ ὁποῖοι ἀνέμενον νὰ λάβουν τὰς ἀδείας διὰ νὰ ἐπισκεφθοῦν τοὺς συγγενεῖς των εἰς τὸν ἀνατολικὸν τομέα
ΤΟ ΠΕΚΙΝΟΝ ΚΑΤΗΓΟΡΕΙ ΑΠΕΡΙΦΡΑΣΤΩΣ ΤΗΝ ΜΟΣΧΑΝ ΟΤΙ ΔΕΝ ΥΠΕΣΤΗΡΙΞΕ ΤΟΥΣ ΑΦΡΙΚΑΝΟΑΣΙΑΤΑΣ ΕΙΣ ΤΗΝ ΚΑΤΑΛΗΨΙΝ ΠΛΕΙΟΝΩΝ ΕΔΡΩΝ ΕΙΣ ΤΟΝ ΟΗΕ
ΒΕΡΟΛΙΝΟΝ, 18. (Ρώυτερ).— Εὐθὺς ἀπὸ τοῦ μεσονυκτίου εἰς τὰ εἰδικὰ γραφεῖα, ἡ πυκνὴ ἀναμονὴ τῶν κατοίκων τοῦ Δυτικοῦ Βερολίνου, οἱ ὁποῖοι ἀνέμενον νὰ λάβουν τὰς ἀδείας διὰ νὰ ἐπισκεφθοῦν τοὺς συγγενεῖς των εἰς τὸν ἀνατολικὸν τομέα τῆς πόλεως κατὰ τὴν διάρκειαν τῶν ἑορτῶν τῶν Χριστουγέννων. Αἱ ἀρμόδιαι ὑπηρεσίαι ἀνεκοίνωσαν ὅτι μέχρι τῆς μεσημβρίας εἶχον ἐκδοθεῖ χιλιάδες ἀδειῶν.
ΒΕΡΟΛΙΝΟΝ, 18. (Ρώυτερ).— Εὐθὺς ἀπὸ τοῦ μεσονυκτίου εἰς τὰ εἰδικὰ γραφεῖα, ἡ πυκνὴ ἀναμονὴ τῶν κατοίκων τοῦ Δυτικοῦ Βερολίνου, οἱ ὁποῖοι ἀνέμενον νὰ λάβουν τὰς ἀδείας διὰ νὰ ἐπισκεφθοῦν τοὺς συγγενεῖς των εἰς τὸν ἀνατολικὸν τομέα τῆς πόλεως κατὰ τὴν διάρκειαν τῶν ἑορτῶν τῶν Χριστουγέννων. Αἱ ἀρμόδιαι ὑπηρεσίαι ἀνεκοίνωσαν ὅτι μέχρι τῆς μεσημβρίας εἶχον ἐκδοθεῖ χιλιάδες ἀδειῶν.
ΒΕΡΟΛΙΝΟΝ, 18. (Ρώυτερ).— Εὐθὺς ἀπὸ τοῦ μεσονυκτίου εἰς τὰ εἰδικὰ γραφεῖα, ἡ πυκνὴ ἀναμονὴ τῶν κατοίκων τοῦ Δυτικοῦ Βερολίνου, οἱ ὁποῖοι ἀνέμενον νὰ λάβουν τὰς ἀδείας διὰ νὰ ἐπισκεφθοῦν τοὺς συγγενεῖς των εἰς τὸν ἀνατολικὸν τομέα τῆς πόλεως κατὰ τὴν διάρκειαν τῶν ἑορτῶν τῶν Χριστουγέννων. Αἱ ἀρμόδιαι ὑπηρεσίαι ἀνεκοίνωσαν ὅτι μέχρι τῆς μεσημβρίας εἶχον ἐκδοθεῖ χιλιάδες ἀδειῶν.
ΤΟ ΡΕΣΙΤΑΛ ΤΟΥ ΤΥΦΛΟΥ ΒΙΟΛΙΣΤΟΥ Κ. ΤΖΗΜΟΥΡΑΚΑ
Εἰς τὴν αἴθουσαν τῆς Ἑταιρείας Μακεδονικῶν Σπουδῶν, ἐδόθη μὲ μεγάλην ἐπιτυχίαν τὸ ρεσιτάλ τοῦ τυφλοῦ βιολιστοῦ κ. Τζημουράκα. Τὸ πρόγραμμα περιελάμβανε ἔργα κλασσικῶν καὶ συγχρόνων συνθετῶν. Εἰς τὴν φωτογραφίαν, ὁ κ. Τζημουράκας ἐκτελῶν πρὸ τοῦ κοινοῦ, κατὰ τὸ ρεσιτάλ.
Ἐδόθη τὸν νενομισμένον ὅρκον οἱ νέοι πτυχιοῦχοι τῆς ἀνωτέρας σχολῆς βιομηχανικῶν σπουδῶν Θεσσαλονίκης. Εἰς τὴν φωτογραφίαν μερικοὶ ἐκ τῶν πτυχιούχων μετὰ τοῦ κοσμήτορος κ. Ἀδαμοπούλου.
Κατὰ τοὺς ἐπιχειρηματικοὺς κύκλους
Ἄρισται αἱ προοπτικαὶ ἀναπτύξεως τῆς ἀμερικανικῆς οἰκονομίας ὑπὸ τὴν προεδρίαν τοῦ κ. Τζόνσον
Ἀνοδικὴ ἡ πορεία της.— Θαυμάσιαι αἱ ἐντυπώσεις ἐκ τῶν κυβερνητικῶν ἀποφάσεων.— Ἡ μείωσις τῆς φορολογίας
ΒΕΡΟΛΙΝΟΝ, 18. (Ρώυτερ).— Εὐθὺς ἀπὸ τοῦ μεσονυκτίου εἰς τὰ εἰδικὰ γραφεῖα, ἡ πυκνὴ ἀναμονὴ τῶν κατοίκων τοῦ Δυτικοῦ Βερολίνου, οἱ ὁποῖοι ἀνέμενον νὰ λάβουν τὰς ἀδείας διὰ νὰ ἐπισκεφθοῦν τοὺς συγγενεῖς των εἰς τὸν ἀνατολικὸν τομέα τῆς πόλεως κατὰ τὴν διάρκειαν τῶν ἑορτῶν τῶν Χριστουγέννων. Αἱ ἀρμόδιαι ὑπηρεσίαι ἀνεκοίνωσαν ὅτι μέχρι τῆς μεσημβρίας εἶχον ἐκδοθεῖ χιλιάδες ἀδειῶν.
Η ΚΙΝΑ ΥΠΟΣΤΗΡΙΖΕΙ ΤΗΝ ΚΑΜΠΟΤΖΙΑΝ
ΤΗΝ ΟΥΔΕΤΕΡΟΤΗΤΑ ΤΗΣ ΚΑΜΠΟΤΖΙΑΣ
ΒΕΡΟΛΙΝΟΝ, 18. (Ρώυτερ).— Εὐθὺς ἀπὸ τοῦ μεσονυκτίου εἰς τὰ εἰδικὰ γραφεῖα, ἡ πυκνὴ ἀναμονὴ τῶν κατοίκων τοῦ Δυτικοῦ Βερολίνου, οἱ ὁποῖοι ἀνέμενον νὰ λάβουν τὰς ἀδείας διὰ νὰ ἐπισκεφθοῦν τοὺς συγγενεῖς των εἰς τὸν ἀνατολικὸν τομέα τῆς πόλεως κατὰ τὴν διάρκειαν τῶν ἑορτῶν τῶν Χριστουγέννων. Αἱ ἀρμόδιαι ὑπηρεσίαι ἀνεκοίνωσαν ὅτι μέχρι τῆς μεσημβρίας εἶχον ἐκδοθεῖ χιλιάδες ἀδειῶν.
ΟΚΤΩ ΝΕΚΡΟΙ ΣΥΝΕΠΕΙΑ ΕΚΡΗΞΕΩΣ ΠΑΛΑΙΑΣ ΝΑΡΚΗΣ
ΒΕΡΟΛΙΝΟΝ, 18. (Ρώυτερ).— Εὐθὺς ἀπὸ τοῦ μεσονυκτίου εἰς τὰ εἰδικὰ γραφεῖα, ἡ πυκνὴ ἀναμονὴ τῶν κατοίκων τοῦ Δυτικοῦ Βερολίνου, οἱ ὁποῖοι ἀνέμενον νὰ λάβουν τὰς ἀδείας διὰ νὰ ἐπισκεφθοῦν τοὺς συγγενεῖς των εἰς τὸν ἀνατολικὸν τομέα τῆς πόλεως κατὰ τὴν διάρκειαν τῶν ἑορτῶν τῶν Χριστουγέννων. Αἱ ἀρμόδιαι ὑπηρεσίαι ἀνεκοίνωσαν ὅτι μέχρι τῆς μεσημβρίας εἶχον
ΠΑΛΑΙΟΣ ΓΝΩΡΙΜΟΣ ΤΩΝ ΦΥΛΑΚΩΝ
ΠΑΡΕΛΑΒΕΝ 7.500 ΚΙΛΑ ΚΑΡΠΟΥΖΙΩΝ ΑΠΟ ΤΡΕΙΣ ΦΡΟΥΤΟΠΑΡΑΓΩΓΟΥΣ ΧΩΡΙΣ ΝΑ ΚΑΤΑΒΑΛΗ ΤΗΝ ΑΞΙΑΝ ΤΩΝ
ΕΝΕΦΑΝΙΣΘΗ ΩΣ ΜΕΓΑΛΟΕΠΙΧΕΙΡΗΜΑΤΙΑΣ ΜΕ ΒΙΛΛΑΣ ΕΙΣ ΑΘΗΝΑΣ ΚΑΙ ΕΛΒΕΤΙΑΝ.—ΑΦΗΡΕΣΕΝ ΑΠΟ ΤΟΝ ΕΝΑ 2.500 ΔΡΧ. —ΚΑΤΕΔΙΚΑΣΘΗ ΕΙΣ ΔΙΕΤΗ ΦΥΛΑΚΙΣΙΝ
ΒΕΡΟΛΙΝΟΝ, 18. (Ρώυτερ).— Εὐθὺς ἀπὸ τοῦ μεσονυκτίου εἰς τὰ εἰδικὰ γραφεῖα, ἡ πυκνὴ ἀναμονὴ τῶν κατοίκων τοῦ Δυτικοῦ Βερολίνου, οἱ ὁποῖοι ἀνέμενον νὰ λάβουν τὰς ἀδείας διὰ νὰ ἐπισκεφθοῦν τοὺς συγγενεῖς των εἰς τὸν ἀνατολικὸν τομέα τῆς πόλεως κατὰ τὴν διάρκειαν τῶν ἑορτῶν τῶν Χριστουγέννων. Αἱ ἀρμόδιαι ὑπηρεσίαι ἀνεκοίνωσαν ὅτι μέχρι τῆς μεσημβρίας εἶχον ἐκδοθεῖ χιλιάδες ἀδειῶν.
ΒΕΡΟΛΙΝΟΝ, 18. (Ρώυτερ).— Εὐθὺς ἀπὸ τοῦ μεσονυκτίου εἰς τὰ εἰδικὰ γραφεῖα, ἡ πυκνὴ ἀναμονὴ τῶν κατοίκων τοῦ Δυτικοῦ Βερολίνου, οἱ ὁποῖοι ἀνέμενον νὰ λάβουν τὰς ἀδείας διὰ νὰ ἐπισκεφθοῦν τοὺς συγγενεῖς των εἰς τὸν ἀνατολικὸν τομέα τῆς πόλεως κατὰ τὴν διάρκειαν τῶν ἑορτῶν τῶν Χριστουγέννων. Αἱ ἀρμόδιαι ὑπηρεσίαι ἀνεκοίνωσαν ὅτι μέχρι τῆς μεσημβρίας εἶχον ἐκδοθεῖ χιλιάδες ἀδειῶν.
ΝΙΚ. Π. ΒΟΥΡΓΟΥΤΣΗΣ
ΕΙΣ ΤΟ ΑΕΡΟΔΡΟΜΙΟΝ ΤΟΥ ΟΡΛΥ
Ὁ κ. Μὰκ Ναμάρα παρ᾽ ὀλίγον θῦμα ἀεροπορικοῦ δυστυχήματος
ΔΙΕΡΡΑΓΗΣΑΝ ΤΑ ΕΛΑΣΤΙΚΑ ΤΩΝ ΤΡΟΧΩΝ ΤΟΥ ΑΕΡΟΠΛΑΝΟΥ ΤΟΥ ΚΑΤΑ ΤΗΝ ΑΠΟΓΕΙΩΣΙΝ ΤΟΥ.— ΟΥΔΕΙΣ ΕΚ ΤΩΝ ΕΠΙΒΑΙΝΟΝΤΩΝ ΕΠΑΘΕ ΤΙ.—
ΒΕΡΟΛΙΝΟΝ, 18. (Ρώυτερ).— Εὐθὺς ἀπὸ τοῦ μεσονυκτίου εἰς τὰ εἰδικὰ γραφεῖα, ἡ πυκνὴ ἀναμονὴ τῶν κατοίκων τοῦ Δυτικοῦ Βερολίνου, οἱ ὁποῖοι ἀνέμενον νὰ λάβουν τὰς ἀδείας διὰ νὰ ἐπισκεφθοῦν τοὺς συγγενεῖς των εἰς τὸν ἀνατολικὸν τομέα τῆς πόλεως κατὰ τὴν διάρκειαν τῶν ἑορτῶν τῶν Χριστουγέννων. Αἱ ἀρμόδιαι ὑπηρεσίαι ἀνεκοίνωσαν ὅτι μέχρι τῆς μεσημβρίας εἶχον ἐκδοθεῖ χιλιάδες ἀδειῶν.
Ο Κ. ΑΤΣΕΣΟ ΘΑ ΜΕΤΑΒΗ ΜΕ ΕΙΔΙΚΗΝ ΑΠΟΣΤΟΛΗΝ ΕΙΣ ΚΑΜΠΟΤΖΙΑΝ
ΒΕΡΟΛΙΝΟΝ, 18. (Ρώυτερ).— Εὐθὺς ἀπὸ τοῦ μεσονυκτίου εἰς τὰ εἰδικὰ γραφεῖα, ἡ πυκνὴ ἀναμονὴ τῶν κατοίκων τοῦ Δυτικοῦ Βερολίνου, οἱ ὁποῖοι ἀνέμενον νὰ λάβουν τὰς ἀδείας διὰ νὰ ἐπισκεφθοῦν τοὺς συγγενεῖς των εἰς τὸν ἀνατολικὸν τομέα τῆς πόλεως κατὰ τὴν διάρκειαν τῶν ἑορτῶν τῶν Χριστουγέννων. Αἱ ἀρμόδιαι ὑπηρεσίαι
ΕΞΟΝΤΩΣΙΣ ΑΝΤΑΡΤΩΝ ΕΙΣ ΒΟΡΕΙΟΝ ΒΟΡΝΕΟ
ΒΕΡΟΛΙΝΟΝ, 18. (Ρώυτερ).— Εὐθὺς ἀπὸ τοῦ μεσονυκτίου εἰς τὰ εἰδικὰ γραφεῖα, ἡ πυκνὴ ἀναμονὴ τῶν κατοίκων τοῦ Δυτικοῦ Βερολίνου, οἱ ὁποῖοι ἀνέμενον νὰ λάβουν τὰς ἀδείας διὰ νὰ ἐπισκεφθοῦν τοὺς συγγενεῖς των εἰς τὸν ἀνατολικὸν τομέα τῆς
ΣΧΕΔΙΟΝ ΔΙΑ ΤΗΝ ΚΑΤΑΠΟΛΕΜΗΣΙΝ ΤΟΥ ΚΑΡΚΙΝΟΥ ΥΠΟ ΤΗΣ ΓΑΛΛΙΑΣ ΕΙΣ ΔΙΕΘΝΗ ΔΙΑΣΚΕΨΙΝ
ΒΕΡΟΛΙΝΟΝ, 18. (Ρώυτερ).— Εὐθὺς ἀπὸ τοῦ μεσονυκτίου εἰς τὰ εἰδικὰ γραφεῖα, ἡ πυκνὴ ἀναμονὴ τῶν κατοίκων τοῦ Δυτικοῦ Βερολίνου, οἱ ὁποῖοι ἀνέμενον νὰ λάβουν τὰς ἀδείας διὰ νὰ ἐπισκεφθοῦν τοὺς συγγενεῖς των εἰς τὸν ἀνατολικὸν τομέα τῆς πόλεως κατὰ τὴν διάρκειαν τῶν ἑορτῶν τῶν Χριστουγέννων. Αἱ ἀρμόδιαι ὑπηρεσίαι ἀνεκοίνωσαν ὅτι μέχρι τῆς μεσημβρίας εἶχον
ΒΕΡΟΛΙΝΟΝ, 18. (Ρώυτερ).— Εὐθὺς ἀπὸ τοῦ μεσονυκτίου εἰς τὰ εἰδικὰ γραφεῖα, ἡ πυκνὴ ἀναμονὴ τῶν κατοίκων τοῦ Δυτικοῦ Βερολίνου, οἱ ὁποῖοι ἀνέμενον νὰ λάβουν τὰς ἀδείας διὰ νὰ ἐπισκεφθοῦν τοὺς συγγενεῖς των εἰς τὸν ἀνατολικὸν τομέα τῆς πόλεως κατὰ τὴν διάρκειαν τῶν ἑορτῶν τῶν Χριστουγέννων. Αἱ ἀρμόδιαι ὑπηρεσίαι ἀνεκοίνωσαν ὅτι μέχρι τῆς μεσημβρίας εἶχον
